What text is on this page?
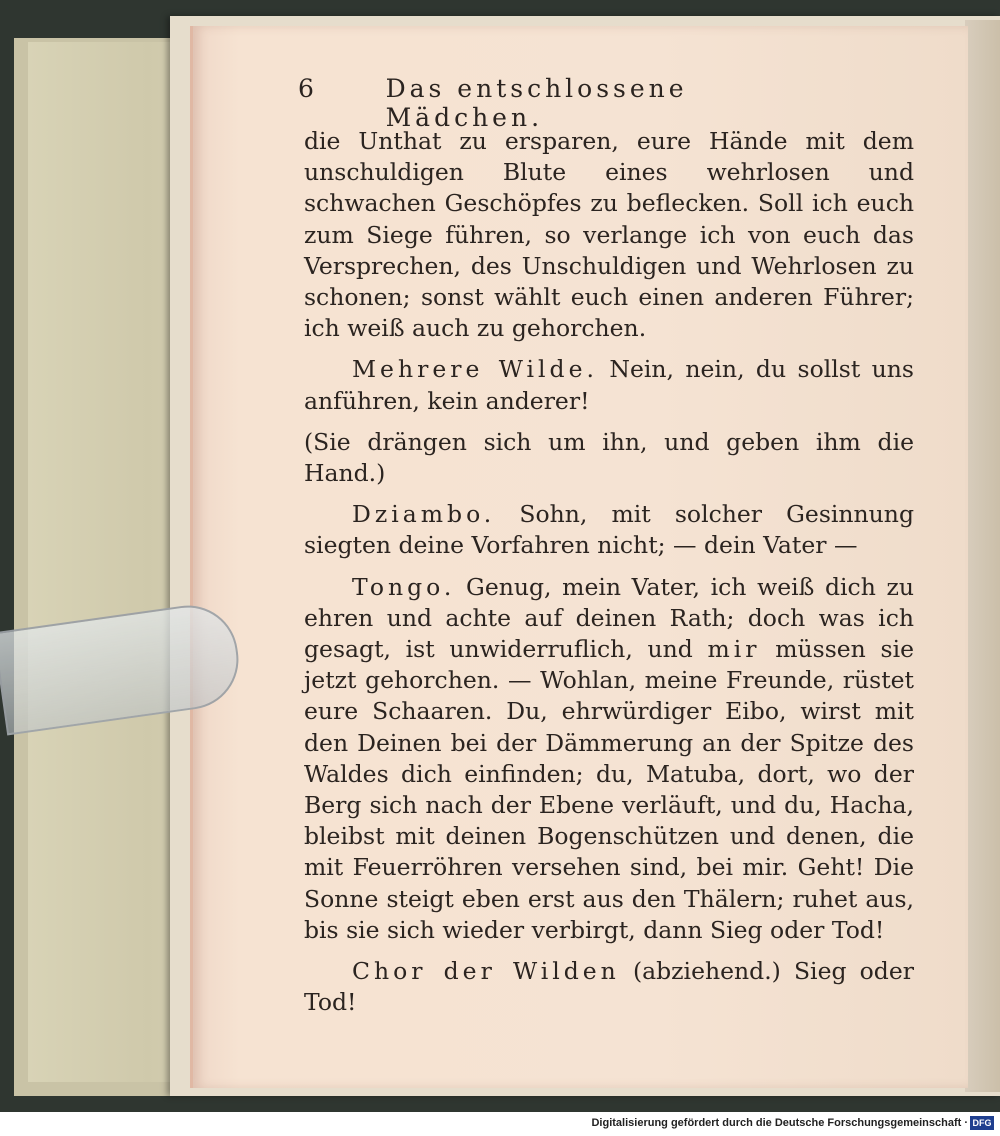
6	Das entschlossene Mädchen.

die Unthat zu ersparen, eure Hände mit dem unschuldigen Blute eines wehrlosen und schwachen Geschöpfes zu beflecken. Soll ich euch zum Siege führen, so verlange ich von euch das Versprechen, des Unschuldigen und Wehrlosen zu schonen; sonst wählt euch einen anderen Führer; ich weiß auch zu gehorchen.

Mehrere Wilde. Nein, nein, du sollst uns anführen, kein anderer!

(Sie drängen sich um ihn, und geben ihm die Hand.)

Dziambo. Sohn, mit solcher Gesinnung siegten deine Vorfahren nicht; — dein Vater —

Tongo. Genug, mein Vater, ich weiß dich zu ehren und achte auf deinen Rath; doch was ich gesagt, ist unwiderruflich, und mir müssen sie jetzt gehorchen. — Wohlan, meine Freunde, rüstet eure Schaaren. Du, ehrwürdiger Eibo, wirst mit den Deinen bei der Dämmerung an der Spitze des Waldes dich einfinden; du, Matuba, dort, wo der Berg sich nach der Ebene verläuft, und du, Hacha, bleibst mit deinen Bogenschützen und denen, die mit Feuerröhren versehen sind, bei mir. Geht! Die Sonne steigt eben erst aus den Thälern; ruhet aus, bis sie sich wieder verbirgt, dann Sieg oder Tod!

Chor der Wilden (abziehend.) Sieg oder Tod!

Digitalisierung gefördert durch die Deutsche Forschungsgemeinschaft · DFG
